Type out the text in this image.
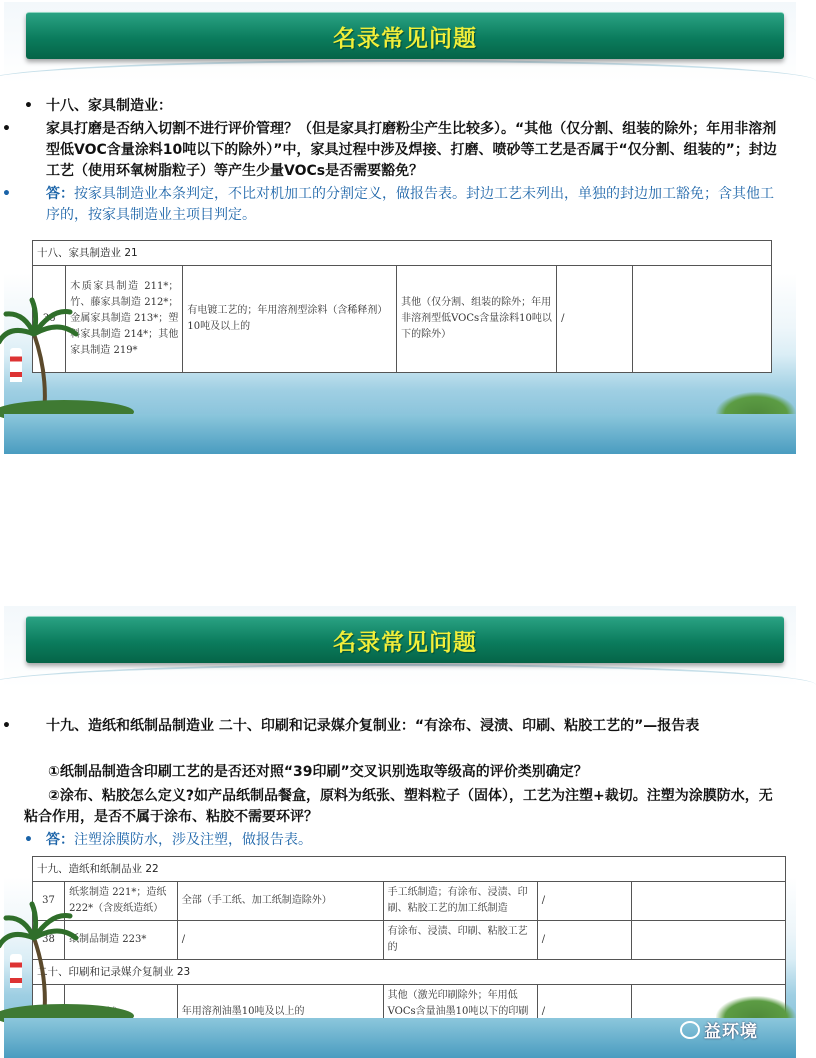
名录常见问题
• 十八、家具制造业：
•	家具打磨是否纳入切割不进行评价管理？（但是家具打磨粉尘产生比较多）。“其他（仅分割、组装的除外；年用非溶剂型低VOC含量涂料10吨以下的除外）”中，家具过程中涉及焊接、打磨、喷砂等工艺是否属于“仅分割、组装的”；封边工艺（使用环氧树脂粒子）等产生少量VOCs是否需要豁免？
•	答：按家具制造业本条判定，不比对机加工的分割定义，做报告表。封边工艺未列出，单独的封边加工豁免；含其他工序的，按家具制造业主项目判定。
十八、家具制造业 21
36	木质家具制造 211*；竹、藤家具制造 212*；金属家具制造 213*；塑料家具制造 214*；其他家具制造 219*	有电镀工艺的；年用溶剂型涂料（含稀释剂）10吨及以上的	其他（仅分割、组装的除外；年用非溶剂型低VOCs含量涂料10吨以下的除外）	/	
名录常见问题
•	十九、造纸和纸制品制造业 二十、印刷和记录媒介复制业：“有涂布、浸渍、印刷、粘胶工艺的”—报告表
①纸制品制造含印刷工艺的是否还对照“39印刷”交叉识别选取等级高的评价类别确定？
②涂布、粘胶怎么定义?如产品纸制品餐盒，原料为纸张、塑料粒子（固体），工艺为注塑+裁切。注塑为涂膜防水，无粘合作用，是否不属于涂布、粘胶不需要环评？
• 答：注塑涂膜防水，涉及注塑，做报告表。
十九、造纸和纸制品业 22					
37	纸浆制造 221*；造纸 222*（含废纸造纸）	全部（手工纸、加工纸制造除外）	手工纸制造；有涂布、浸渍、印刷、粘胶工艺的加工纸制造	/	
38	纸制品制造 223*	/	有涂布、浸渍、印刷、粘胶工艺的	/	
二十、印刷和记录媒介复制业 23					
		年用溶剂油墨10吨及以上的	其他（激光印刷除外；年用低VOCs含量油墨10吨以下的印刷	/	
益环境
